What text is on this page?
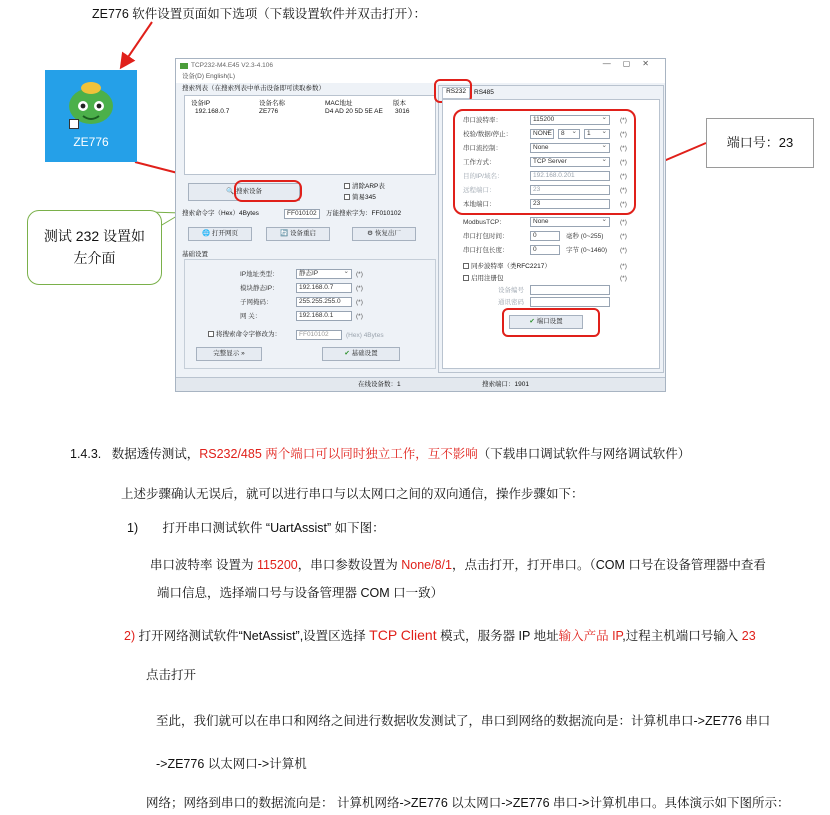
ZE776 软件设置页面如下选项（下载设置软件并双击打开）：
ZE776
测试 232 设置如
左介面
端口号：23
TCP232-M4.E45 V2.3-4.106	—▢✕
设备(D) English(L)
搜索列表（在搜索列表中单击设备即可读取参数）
设备IP	设备名称	MAC地址	版本
192.168.0.7	ZE776	D4 AD 20 5D 5E AE 3016
🔍 搜索设备
清除ARP表
简易345
搜索命令字（Hex）4Bytes	FF010102	万能搜索字为：FF010102
🌐 打开网页	🔄 设备重启	⚙ 恢复出厂
基础设置
IP地址类型：	静态IP ⌄	(*)
模块静态IP：	192.168.0.7	(*)
子网掩码：	255.255.255.0	(*)
网 关：	192.168.0.1	(*)
将搜索命令字修改为：	FF010102	(Hex) 4Bytes
完整显示 »	✔ 基础设置
RS232	RS485
串口波特率：	115200 ⌄	(*)
校验/数据/停止：	NONE ⌄	8 ⌄	1 ⌄	(*)
串口流控制：	None ⌄	(*)
工作方式：	TCP Server ⌄	(*)
目的IP/域名：	192.168.0.201	(*)
远程端口：	23	(*)
本地端口：	23	(*)
ModbusTCP：	None ⌄	(*)
串口打包时间：	0	毫秒 (0~255)	(*)
串口打包长度：	0	字节 (0~1460) (*)
同步波特率（类RFC2217）	(*)
启用注册包	(*)
设备编号
通讯密码
✔ 端口设置
在线设备数：1	搜索端口：1901
1.4.3. 数据透传测试，RS232/485 两个端口可以同时独立工作，互不影响（下载串口调试软件与网络调试软件）
上述步骤确认无误后，就可以进行串口与以太网口之间的双向通信，操作步骤如下：
1) 打开串口测试软件 “UartAssist” 如下图：
串口波特率 设置为 115200，串口参数设置为 None/8/1，点击打开，打开串口。（COM 口号在设备管理器中查看
端口信息，选择端口号与设备管理器 COM 口一致）
2) 打开网络测试软件“NetAssist”,设置区选择 TCP Client 模式，服务器 IP 地址输入产品 IP,过程主机端口号输入 23
点击打开
至此，我们就可以在串口和网络之间进行数据收发测试了，串口到网络的数据流向是：计算机串口->ZE776 串口
->ZE776 以太网口->计算机
网络；网络到串口的数据流向是： 计算机网络->ZE776 以太网口->ZE776 串口->计算机串口。具体演示如下图所示：
